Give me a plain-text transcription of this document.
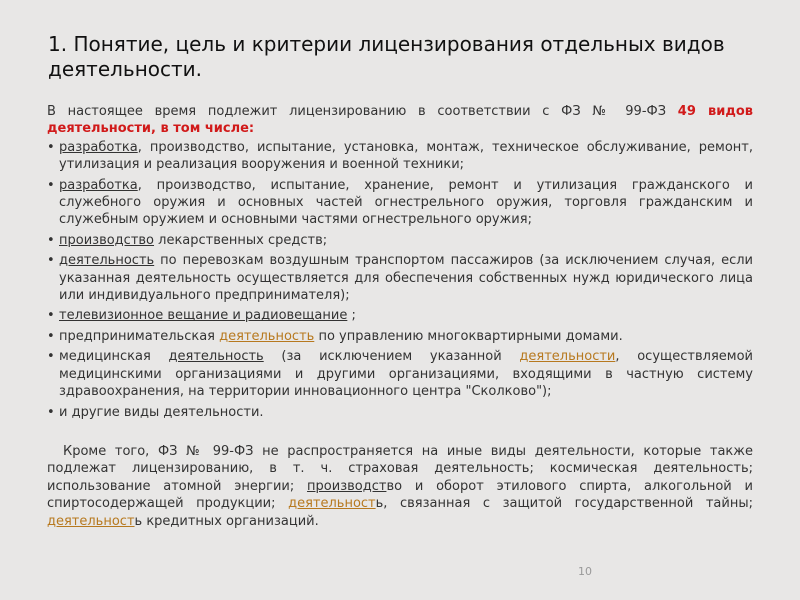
1. Понятие, цель и критерии лицензирования отдельных видов деятельности.
В настоящее время подлежит лицензированию в соответствии с ФЗ № 99-ФЗ 49 видов деятельности, в том числе:
• разработка, производство, испытание, установка, монтаж, техническое обслуживание, ремонт, утилизация и реализация вооружения и военной техники;
• разработка, производство, испытание, хранение, ремонт и утилизация гражданского и служебного оружия и основных частей огнестрельного оружия, торговля гражданским и служебным оружием и основными частями огнестрельного оружия;
• производство лекарственных средств;
• деятельность по перевозкам воздушным транспортом пассажиров (за исключением случая, если указанная деятельность осуществляется для обеспечения собственных нужд юридического лица или индивидуального предпринимателя);
• телевизионное вещание и радиовещание ;
• предпринимательская деятельность по управлению многоквартирными домами.
• медицинская деятельность (за исключением указанной деятельности, осуществляемой медицинскими организациями и другими организациями, входящими в частную систему здравоохранения, на территории инновационного центра "Сколково");
• и другие виды деятельности.
Кроме того, ФЗ № 99-ФЗ не распространяется на иные виды деятельности, которые также подлежат лицензированию, в т. ч. страховая деятельность; космическая деятельность; использование атомной энергии; производство и оборот этилового спирта, алкогольной и спиртосодержащей продукции; деятельность, связанная с защитой государственной тайны; деятельность кредитных организаций.
10
